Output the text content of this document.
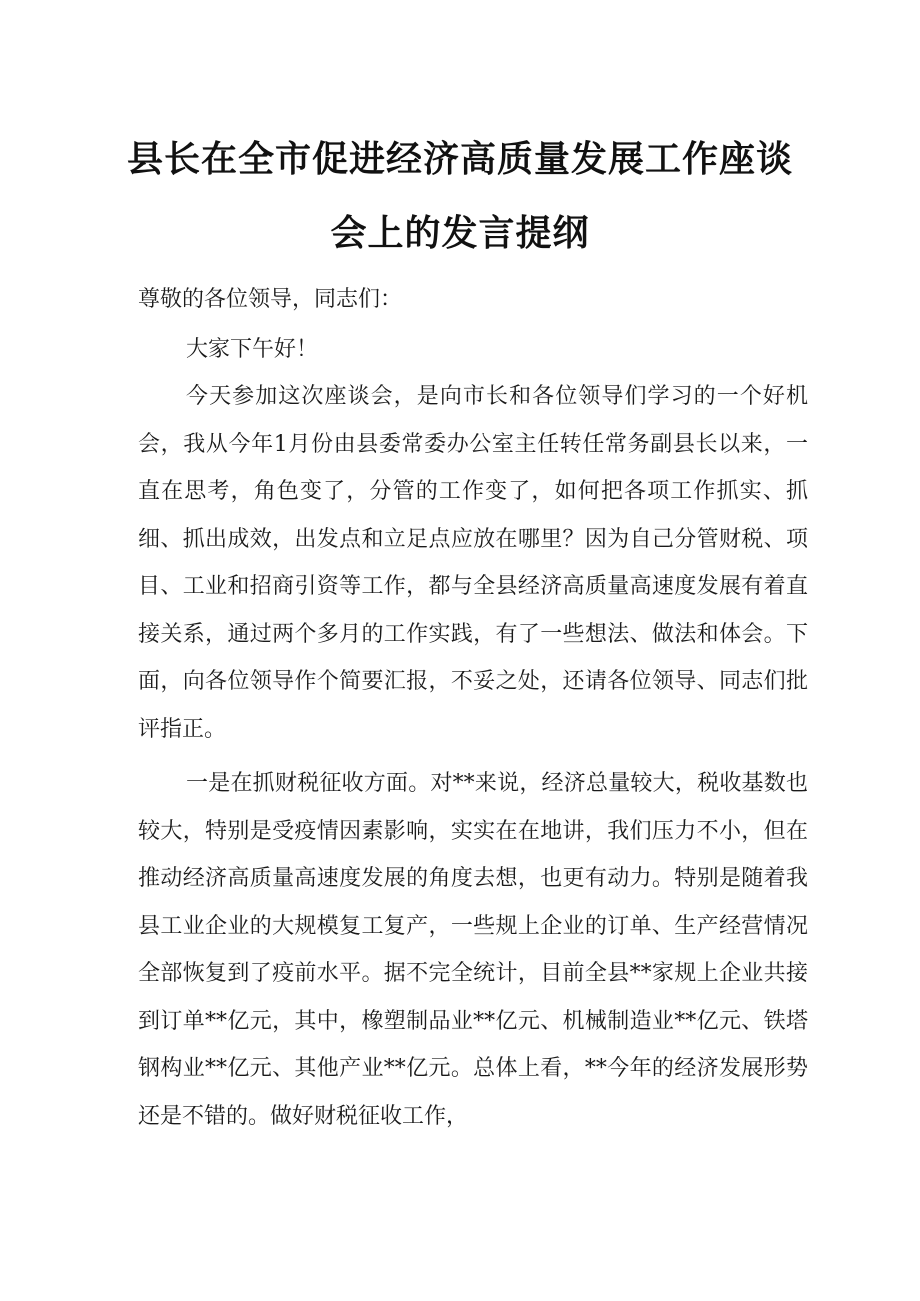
县长在全市促进经济高质量发展工作座谈
会上的发言提纲

尊敬的各位领导，同志们：

大家下午好！

今天参加这次座谈会，是向市长和各位领导们学习的一个好机会，我从今年1月份由县委常委办公室主任转任常务副县长以来，一直在思考，角色变了，分管的工作变了，如何把各项工作抓实、抓细、抓出成效，出发点和立足点应放在哪里？因为自己分管财税、项目、工业和招商引资等工作，都与全县经济高质量高速度发展有着直接关系，通过两个多月的工作实践，有了一些想法、做法和体会。下面，向各位领导作个简要汇报，不妥之处，还请各位领导、同志们批评指正。

一是在抓财税征收方面。对**来说，经济总量较大，税收基数也较大，特别是受疫情因素影响，实实在在地讲，我们压力不小，但在推动经济高质量高速度发展的角度去想，也更有动力。特别是随着我县工业企业的大规模复工复产，一些规上企业的订单、生产经营情况全部恢复到了疫前水平。据不完全统计，目前全县**家规上企业共接到订单**亿元，其中，橡塑制品业**亿元、机械制造业**亿元、铁塔钢构业**亿元、其他产业**亿元。总体上看，**今年的经济发展形势还是不错的。做好财税征收工作，
